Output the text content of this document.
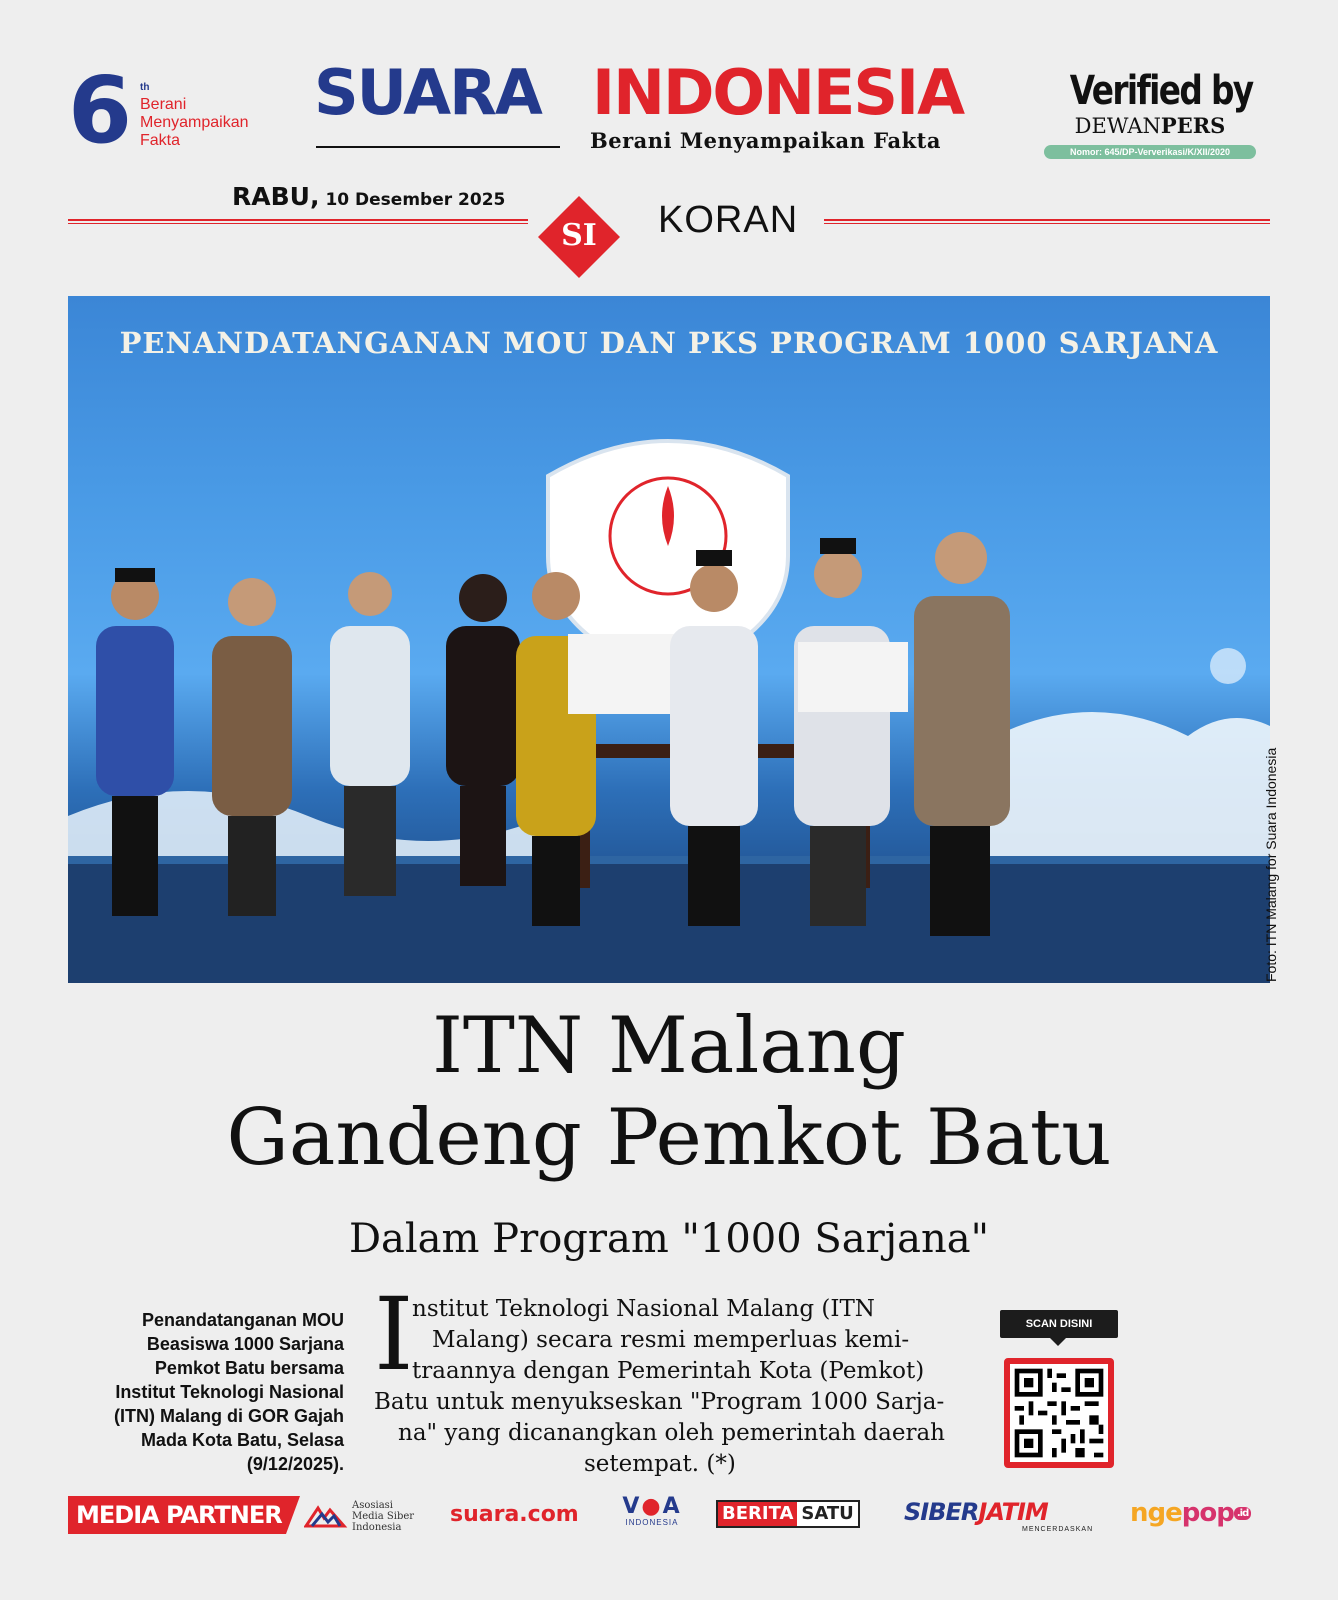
6 th
Berani
Menyampaikan
Fakta
SUARA INDONESIA
Berani Menyampaikan Fakta
Verified by
DEWANPERS
Nomor: 645/DP-Ververikasi/K/XII/2020
RABU, 10 Desember 2025
SI	KORAN
PENANDATANGANAN MOU DAN PKS PROGRAM 1000 SARJANA
Foto: ITN Malang for Suara Indonesia
ITN Malang
Gandeng Pemkot Batu
Dalam Program "1000 Sarjana"
Penandatanganan MOU
Beasiswa 1000 Sarjana
Pemkot Batu bersama
Institut Teknologi Nasional
(ITN) Malang di GOR Gajah
Mada Kota Batu, Selasa
(9/12/2025).
I
nstitut Teknologi Nasional Malang (ITN
Malang) secara resmi memperluas kemi-
traannya dengan Pemerintah Kota (Pemkot)
Batu untuk menyukseskan "Program 1000 Sarja-
na" yang dicanangkan oleh pemerintah daerah
setempat. (*)
SCAN DISINI
MEDIA PARTNER	Asosiasi
Media Siber
Indonesia
suara.com	V●A
INDONESIA	BERITA SATU SIBERJATIM
MENCERDASKAN
ngepop .id
